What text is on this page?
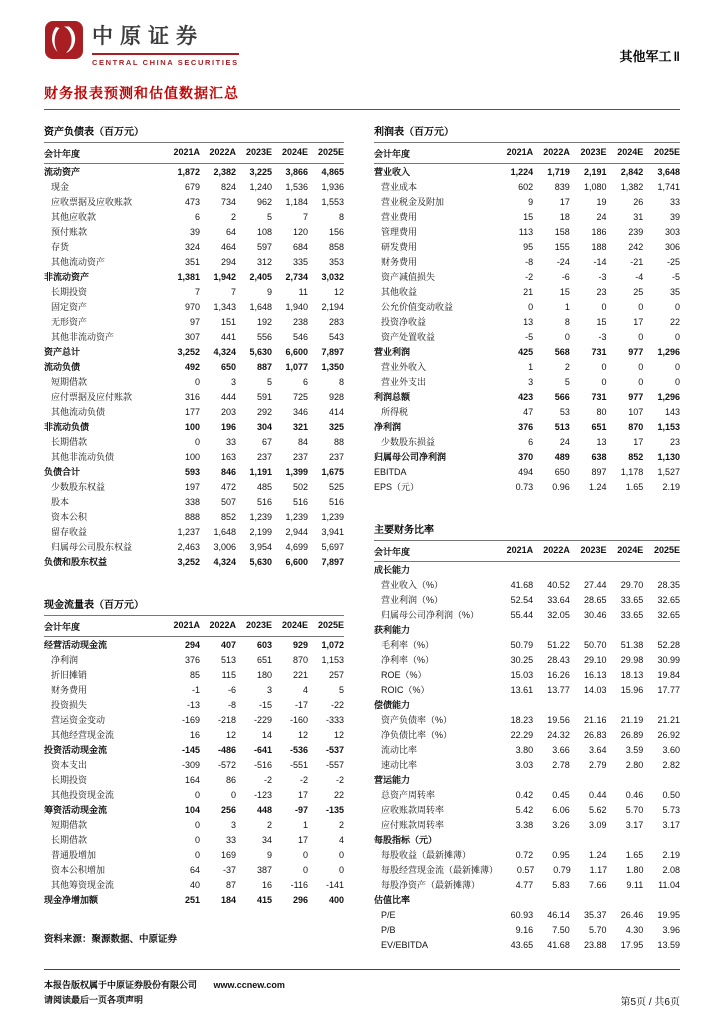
中原证券
CENTRAL CHINA SECURITIES	其他军工 ‖
财务报表预测和估值数据汇总
资产负债表（百万元）
会计年度	2021A	2022A	2023E	2024E	2025E
流动资产	1,872	2,382	3,225	3,866	4,865
现金	679	824	1,240	1,536	1,936
应收票据及应收账款	473	734	962	1,184	1,553
其他应收款	6	2	5	7	8
预付账款	39	64	108	120	156
存货	324	464	597	684	858
其他流动资产	351	294	312	335	353
非流动资产	1,381	1,942	2,405	2,734	3,032
长期投资	7	7	9	11	12
固定资产	970	1,343	1,648	1,940	2,194
无形资产	97	151	192	238	283
其他非流动资产	307	441	556	546	543
资产总计	3,252	4,324	5,630	6,600	7,897
流动负债	492	650	887	1,077	1,350
短期借款	0	3	5	6	8
应付票据及应付账款	316	444	591	725	928
其他流动负债	177	203	292	346	414
非流动负债	100	196	304	321	325
长期借款	0	33	67	84	88
其他非流动负债	100	163	237	237	237
负债合计	593	846	1,191	1,399	1,675
少数股东权益	197	472	485	502	525
股本	338	507	516	516	516
资本公积	888	852	1,239	1,239	1,239
留存收益	1,237	1,648	2,199	2,944	3,941
归属母公司股东权益	2,463	3,006	3,954	4,699	5,697
负债和股东权益	3,252	4,324	5,630	6,600	7,897
现金流量表（百万元）
会计年度	2021A	2022A	2023E	2024E	2025E
经营活动现金流	294	407	603	929	1,072
净利润	376	513	651	870	1,153
折旧摊销	85	115	180	221	257
财务费用	-1	-6	3	4	5
投资损失	-13	-8	-15	-17	-22
营运资金变动	-169	-218	-229	-160	-333
其他经营现金流	16	12	14	12	12
投资活动现金流	-145	-486	-641	-536	-537
资本支出	-309	-572	-516	-551	-557
长期投资	164	86	-2	-2	-2
其他投资现金流	0	0	-123	17	22
筹资活动现金流	104	256	448	-97	-135
短期借款	0	3	2	1	2
长期借款	0	33	34	17	4
普通股增加	0	169	9	0	0
资本公积增加	64	-37	387	0	0
其他筹资现金流	40	87	16	-116	-141
现金净增加额	251	184	415	296	400
资料来源：聚源数据、中原证券
利润表（百万元）
会计年度	2021A	2022A	2023E	2024E	2025E
营业收入	1,224	1,719	2,191	2,842	3,648
营业成本	602	839	1,080	1,382	1,741
营业税金及附加	9	17	19	26	33
营业费用	15	18	24	31	39
管理费用	113	158	186	239	303
研发费用	95	155	188	242	306
财务费用	-8	-24	-14	-21	-25
资产减值损失	-2	-6	-3	-4	-5
其他收益	21	15	23	25	35
公允价值变动收益	0	1	0	0	0
投资净收益	13	8	15	17	22
资产处置收益	-5	0	-3	0	0
营业利润	425	568	731	977	1,296
营业外收入	1	2	0	0	0
营业外支出	3	5	0	0	0
利润总额	423	566	731	977	1,296
所得税	47	53	80	107	143
净利润	376	513	651	870	1,153
少数股东损益	6	24	13	17	23
归属母公司净利润	370	489	638	852	1,130
EBITDA	494	650	897	1,178	1,527
EPS（元）	0.73	0.96	1.24	1.65	2.19
主要财务比率
会计年度	2021A	2022A	2023E	2024E	2025E
成长能力
营业收入（%）	41.68	40.52	27.44	29.70	28.35
营业利润（%）	52.54	33.64	28.65	33.65	32.65
归属母公司净利润（%）	55.44	32.05	30.46	33.65	32.65
获利能力
毛利率（%）	50.79	51.22	50.70	51.38	52.28
净利率（%）	30.25	28.43	29.10	29.98	30.99
ROE（%）	15.03	16.26	16.13	18.13	19.84
ROIC（%）	13.61	13.77	14.03	15.96	17.77
偿债能力
资产负债率（%）	18.23	19.56	21.16	21.19	21.21
净负债比率（%）	22.29	24.32	26.83	26.89	26.92
流动比率	3.80	3.66	3.64	3.59	3.60
速动比率	3.03	2.78	2.79	2.80	2.82
营运能力
总资产周转率	0.42	0.45	0.44	0.46	0.50
应收账款周转率	5.42	6.06	5.62	5.70	5.73
应付账款周转率	3.38	3.26	3.09	3.17	3.17
每股指标（元）
每股收益（最新摊薄）	0.72	0.95	1.24	1.65	2.19
每股经营现金流（最新摊薄）	0.57	0.79	1.17	1.80	2.08
每股净资产（最新摊薄）	4.77	5.83	7.66	9.11	11.04
估值比率
P/E	60.93	46.14	35.37	26.46	19.95
P/B	9.16	7.50	5.70	4.30	3.96
EV/EBITDA	43.65	41.68	23.88	17.95	13.59
本报告版权属于中原证券股份有限公司 www.ccnew.com
请阅读最后一页各项声明	第5页 / 共6页
